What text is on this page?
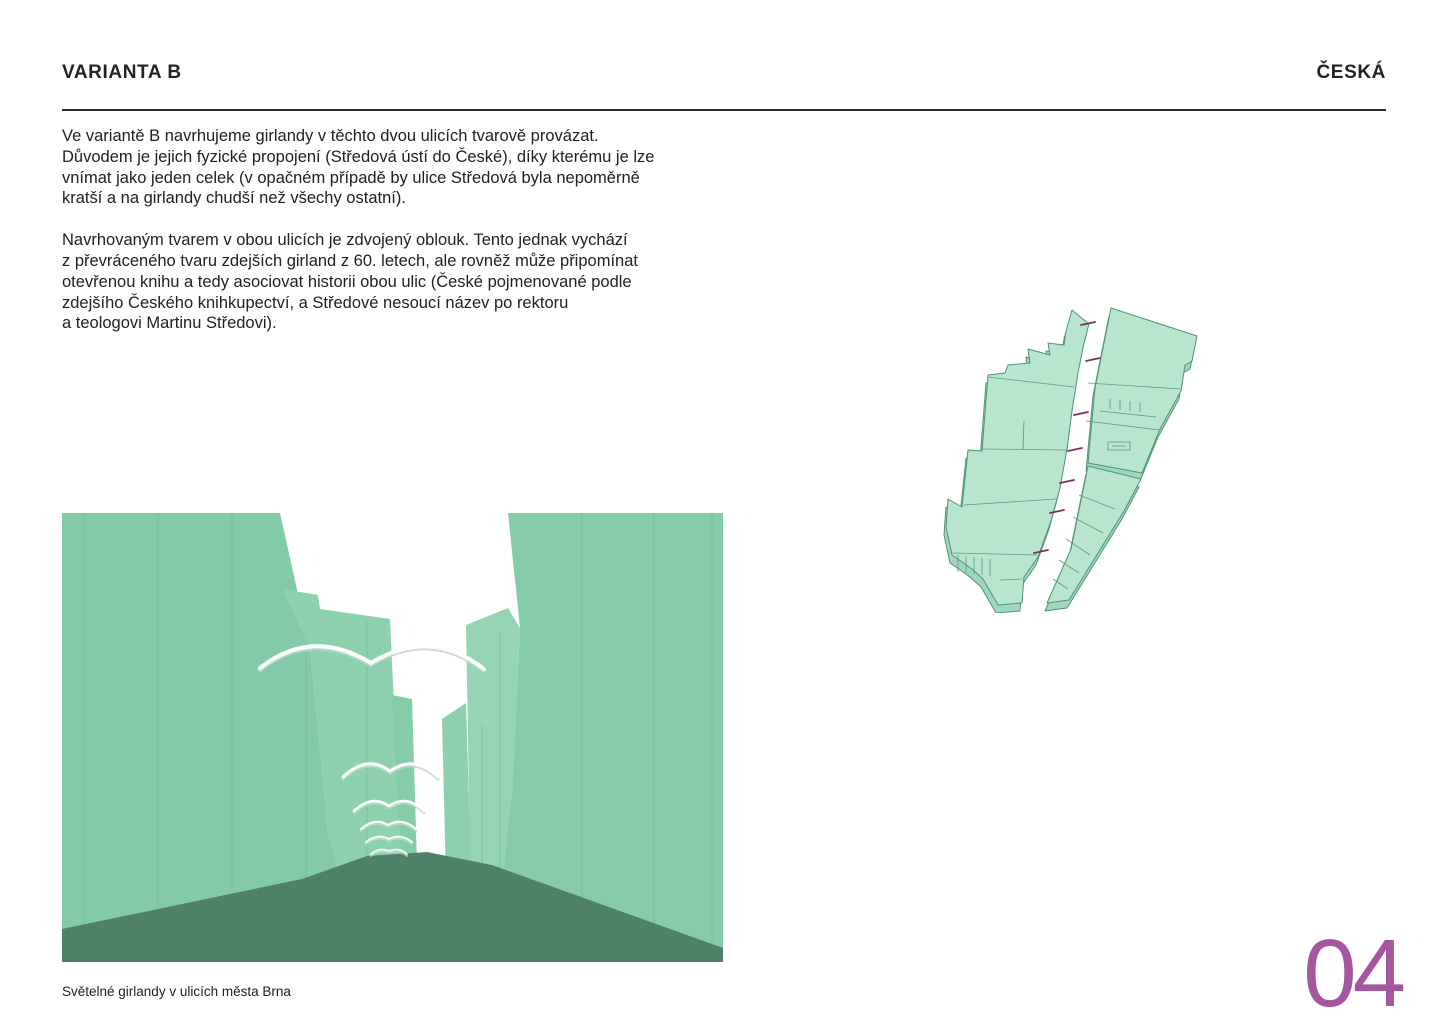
VARIANTA B	ČESKÁ

Ve variantě B navrhujeme girlandy v těchto dvou ulicích tvarově provázat.
Důvodem je jejich fyzické propojení (Středová ústí do České), díky kterému je lze
vnímat jako jeden celek (v opačném případě by ulice Středová byla nepoměrně
kratší a na girlandy chudší než všechy ostatní).

Navrhovaným tvarem v obou ulicích je zdvojený oblouk. Tento jednak vychází
z převráceného tvaru zdejších girland z 60. letech, ale rovněž může připomínat
otevřenou knihu a tedy asociovat historii obou ulic (České pojmenované podle
zdejšího Českého knihkupectví, a Středové nesoucí název po rektoru
a teologovi Martinu Středovi).

Světelné girlandy v ulicích města Brna	04
